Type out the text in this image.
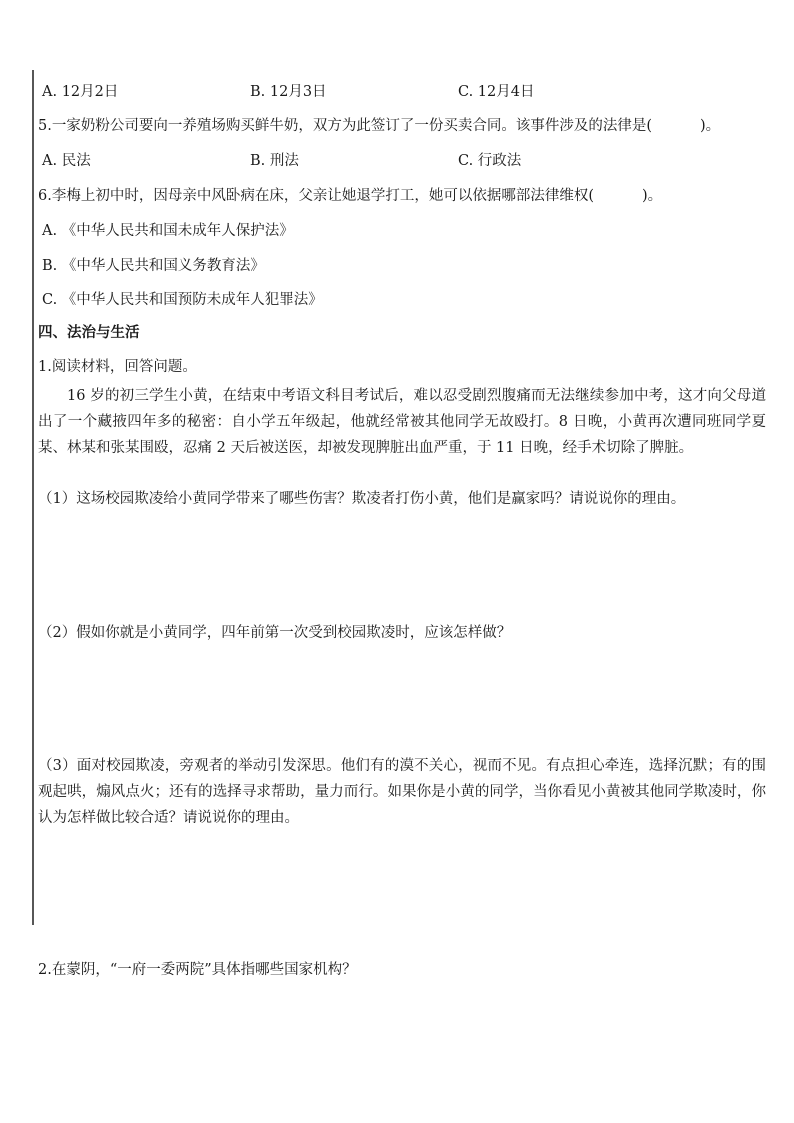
A. 12月2日	B. 12月3日	C. 12月4日
5.一家奶粉公司要向一养殖场购买鲜牛奶，双方为此签订了一份买卖合同。该事件涉及的法律是(	)。
A. 民法	B. 刑法	C. 行政法
6.李梅上初中时，因母亲中风卧病在床，父亲让她退学打工，她可以依据哪部法律维权(	)。
A. 《中华人民共和国未成年人保护法》
B. 《中华人民共和国义务教育法》
C. 《中华人民共和国预防未成年人犯罪法》
四、法治与生活
1.阅读材料，回答问题。
16 岁的初三学生小黄，在结束中考语文科目考试后，难以忍受剧烈腹痛而无法继续参加中考，这才向父母道出了一个藏掖四年多的秘密：自小学五年级起，他就经常被其他同学无故殴打。8 日晚，小黄再次遭同班同学夏某、林某和张某围殴，忍痛 2 天后被送医，却被发现脾脏出血严重，于 11 日晚，经手术切除了脾脏。
（1）这场校园欺凌给小黄同学带来了哪些伤害？欺凌者打伤小黄，他们是赢家吗？请说说你的理由。
（2）假如你就是小黄同学，四年前第一次受到校园欺凌时，应该怎样做？
（3）面对校园欺凌，旁观者的举动引发深思。他们有的漠不关心，视而不见。有点担心牵连，选择沉默；有的围观起哄，煽风点火；还有的选择寻求帮助，量力而行。如果你是小黄的同学，当你看见小黄被其他同学欺凌时，你认为怎样做比较合适？请说说你的理由。
2.在蒙阴，“一府一委两院”具体指哪些国家机构？
